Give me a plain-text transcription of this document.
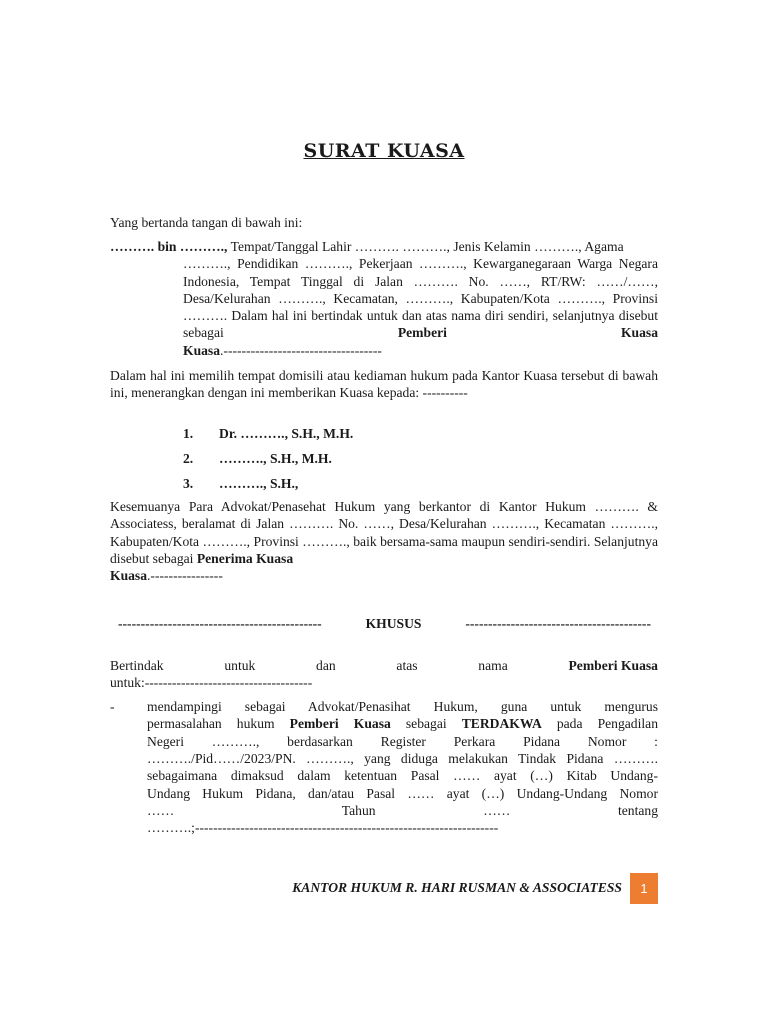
SURAT KUASA
Yang bertanda tangan di bawah ini:
………. bin ………., Tempat/Tanggal Lahir ………. ………., Jenis Kelamin ………., Agama
………., Pendidikan ………., Pekerjaan ………., Kewarganegaraan Warga Negara Indonesia, Tempat Tinggal di Jalan ………. No. ……, RT/RW: ……/……, Desa/Kelurahan ………., Kecamatan, ………., Kabupaten/Kota ………., Provinsi ………. Dalam hal ini bertindak untuk dan atas nama diri sendiri, selanjutnya disebut sebagai	Pemberi Kuasa
Kuasa.-----------------------------------
Dalam hal ini memilih tempat domisili atau kediaman hukum pada Kantor Kuasa tersebut di bawah ini, menerangkan dengan ini memberikan Kuasa kepada: ----------
1. Dr. ………., S.H., M.H.
2. ………., S.H., M.H.
3. ………., S.H.,
Kesemuanya Para Advokat/Penasehat Hukum yang berkantor di Kantor Hukum ………. & Associatess, beralamat di Jalan ………. No. ……, Desa/Kelurahan ………., Kecamatan ………., Kabupaten/Kota ………., Provinsi ………., baik bersama-sama maupun sendiri-sendiri. Selanjutnya disebut sebagai Penerima Kuasa
Kuasa.----------------
---------------------------------------------	KHUSUS	-----------------------------------------
Bertindak	untuk	dan	atas	nama	Pemberi Kuasa
untuk:-------------------------------------
- mendampingi sebagai Advokat/Penasihat Hukum, guna untuk mengurus
permasalahan hukum Pemberi Kuasa sebagai TERDAKWA pada Pengadilan
Negeri ………., berdasarkan Register Perkara Pidana Nomor :
………./Pid……/2023/PN. ………., yang diduga melakukan Tindak Pidana ……….
sebagaimana dimaksud dalam ketentuan Pasal …… ayat (…) Kitab Undang-
Undang Hukum Pidana, dan/atau Pasal …… ayat (…) Undang-Undang Nomor
……	Tahun	……	tentang
……….;-------------------------------------------------------------------
KANTOR HUKUM R. HARI RUSMAN & ASSOCIATESS	1
